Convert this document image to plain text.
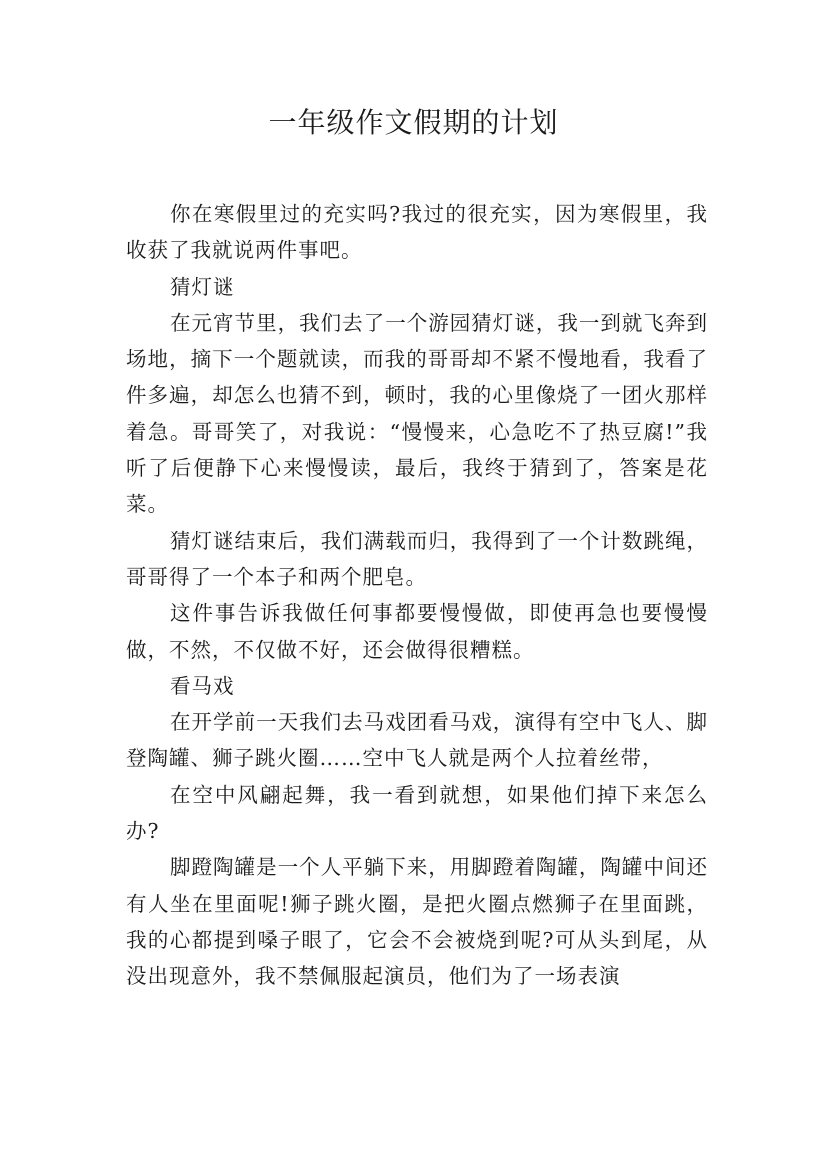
一年级作文假期的计划

你在寒假里过的充实吗?我过的很充实，因为寒假里，我收获了我就说两件事吧。

猜灯谜

在元宵节里，我们去了一个游园猜灯谜，我一到就飞奔到场地，摘下一个题就读，而我的哥哥却不紧不慢地看，我看了件多遍，却怎么也猜不到，顿时，我的心里像烧了一团火那样着急。哥哥笑了，对我说：“慢慢来，心急吃不了热豆腐!”我听了后便静下心来慢慢读，最后，我终于猜到了，答案是花菜。

猜灯谜结束后，我们满载而归，我得到了一个计数跳绳，哥哥得了一个本子和两个肥皂。

这件事告诉我做任何事都要慢慢做，即使再急也要慢慢做，不然，不仅做不好，还会做得很糟糕。

看马戏

在开学前一天我们去马戏团看马戏，演得有空中飞人、脚登陶罐、狮子跳火圈……空中飞人就是两个人拉着丝带，

在空中风翩起舞，我一看到就想，如果他们掉下来怎么办?

脚蹬陶罐是一个人平躺下来，用脚蹬着陶罐，陶罐中间还有人坐在里面呢!狮子跳火圈，是把火圈点燃狮子在里面跳，我的心都提到嗓子眼了，它会不会被烧到呢?可从头到尾，从没出现意外，我不禁佩服起演员，他们为了一场表演
